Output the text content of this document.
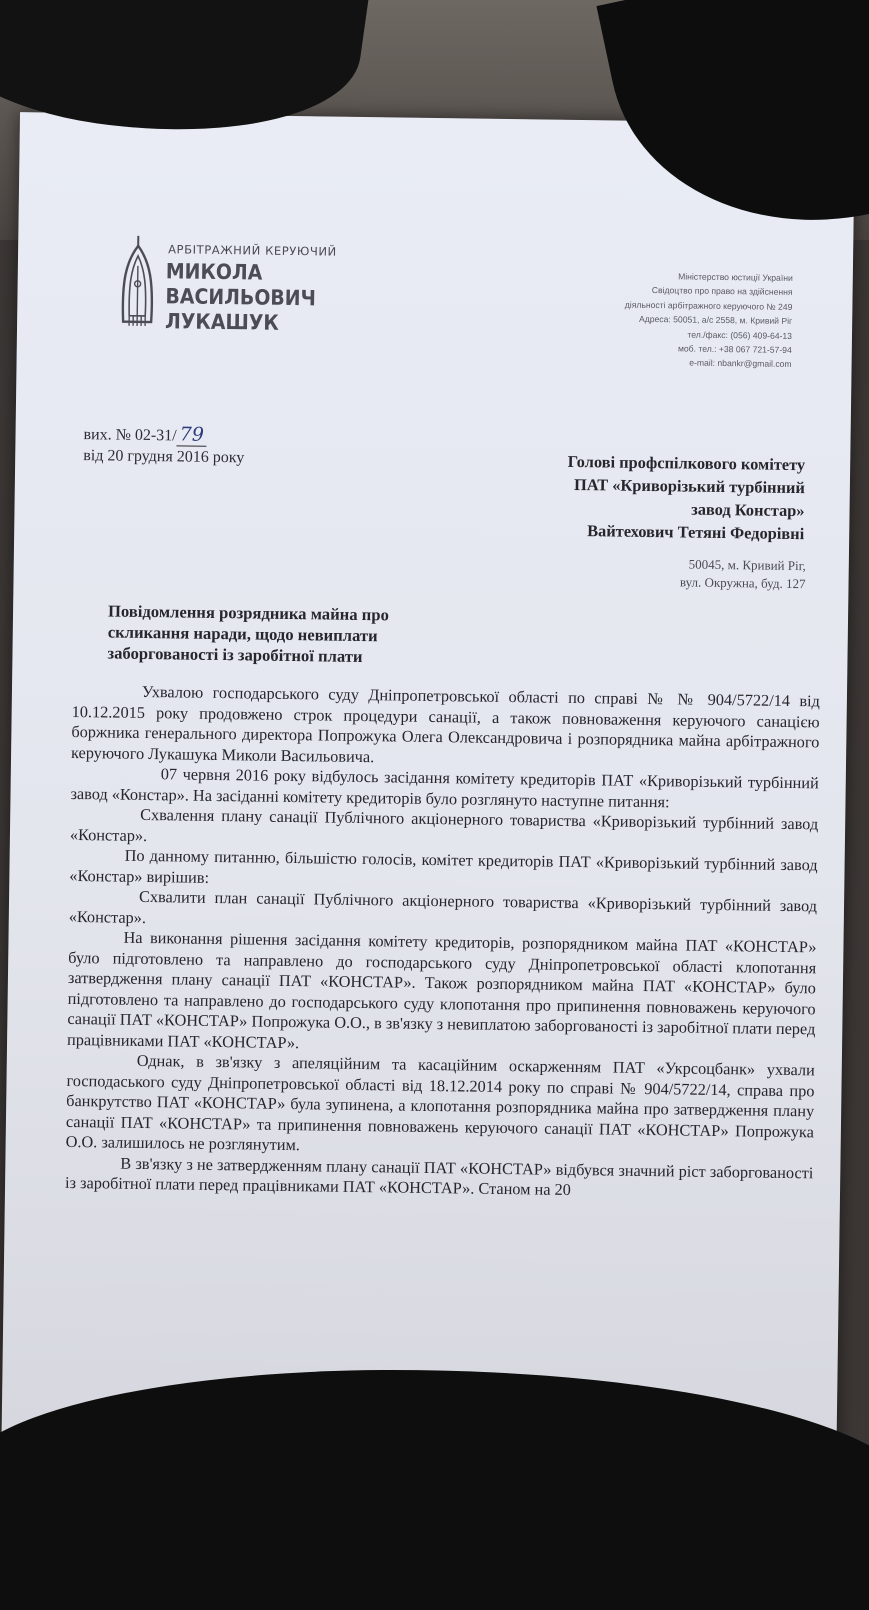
АРБІТРАЖНИЙ КЕРУЮЧИЙ
МИКОЛА
ВАСИЛЬОВИЧ
ЛУКАШУК
Міністерство юстиції України
Свідоцтво про право на здійснення
діяльності арбітражного керуючого № 249
Адреса: 50051, а/с 2558, м. Кривий Ріг
тел./факс: (056) 409-64-13
моб. тел.: +38 067 721-57-94
e-mail: nbankr@gmail.com
вих. № 02-31/ 79
від 20 грудня 2016 року	Голові профспілкового комітету
ПАТ «Криворізький турбінний
завод Констар»
Вайтехович Тетяні Федорівні
50045, м. Кривий Ріг,
вул. Окружна, буд. 127
Повідомлення розрядника майна про
скликання наради, щодо невиплати
заборгованості із заробітної плати

Ухвалою господарського суду Дніпропетровської області по справі № № 904/5722/14 від 10.12.2015 року продовжено строк процедури санації, а також повноваження керуючого санацією боржника генерального директора Попрожука Олега Олександровича і розпорядника майна арбітражного керуючого Лукашука Миколи Васильовича.

07 червня 2016 року відбулось засідання комітету кредиторів ПАТ «Криворізький турбінний завод «Констар». На засіданні комітету кредиторів було розглянуто наступне питання:

Схвалення плану санації Публічного акціонерного товариства «Криворізький турбінний завод «Констар».

По данному питанню, більшістю голосів, комітет кредиторів ПАТ «Криворізький турбінний завод «Констар» вирішив:

Схвалити план санації Публічного акціонерного товариства «Криворізький турбінний завод «Констар».

На виконання рішення засідання комітету кредиторів, розпорядником майна ПАТ «КОНСТАР» було підготовлено та направлено до господарського суду Дніпропетровської області клопотання затвердження плану санації ПАТ «КОНСТАР». Також розпорядником майна ПАТ «КОНСТАР» було підготовлено та направлено до господарського суду клопотання про припинення повноважень керуючого санації ПАТ «КОНСТАР» Попрожука О.О., в зв'язку з невиплатою заборгованості із заробітної плати перед працівниками ПАТ «КОНСТАР».

Однак, в зв'язку з апеляційним та касаційним оскарженням ПАТ «Укрсоцбанк» ухвали господаського суду Дніпропетровської області від 18.12.2014 року по справі № 904/5722/14, справа про банкрутство ПАТ «КОНСТАР» була зупинена, а клопотання розпорядника майна про затвердження плану санації ПАТ «КОНСТАР» та припинення повноважень керуючого санації ПАТ «КОНСТАР» Попрожука О.О. залишилось не розглянутим.

В зв'язку з не затвердженням плану санації ПАТ «КОНСТАР» відбувся значний ріст заборгованості із заробітної плати перед працівниками ПАТ «КОНСТАР». Станом на 20
